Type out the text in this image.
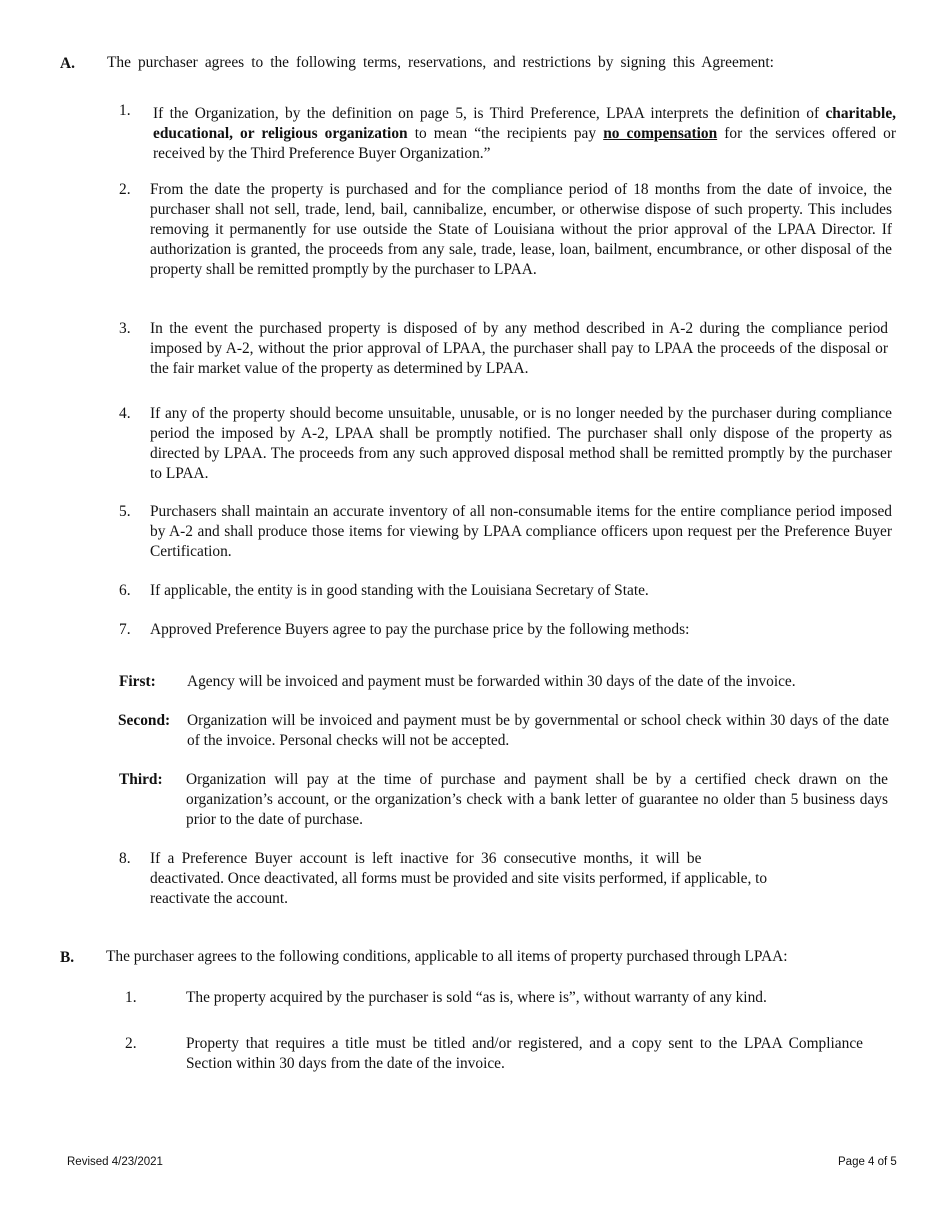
A. The purchaser agrees to the following terms, reservations, and restrictions by signing this Agreement:
1. If the Organization, by the definition on page 5, is Third Preference, LPAA interprets the definition of charitable, educational, or religious organization to mean “the recipients pay no compensation for the services offered or received by the Third Preference Buyer Organization.”
2. From the date the property is purchased and for the compliance period of 18 months from the date of invoice, the purchaser shall not sell, trade, lend, bail, cannibalize, encumber, or otherwise dispose of such property. This includes removing it permanently for use outside the State of Louisiana without the prior approval of the LPAA Director. If authorization is granted, the proceeds from any sale, trade, lease, loan, bailment, encumbrance, or other disposal of the property shall be remitted promptly by the purchaser to LPAA.
3. In the event the purchased property is disposed of by any method described in A-2 during the compliance period imposed by A-2, without the prior approval of LPAA, the purchaser shall pay to LPAA the proceeds of the disposal or the fair market value of the property as determined by LPAA.
4. If any of the property should become unsuitable, unusable, or is no longer needed by the purchaser during compliance period the imposed by A-2, LPAA shall be promptly notified. The purchaser shall only dispose of the property as directed by LPAA. The proceeds from any such approved disposal method shall be remitted promptly by the purchaser to LPAA.
5. Purchasers shall maintain an accurate inventory of all non-consumable items for the entire compliance period imposed by A-2 and shall produce those items for viewing by LPAA compliance officers upon request per the Preference Buyer Certification.
6. If applicable, the entity is in good standing with the Louisiana Secretary of State.
7. Approved Preference Buyers agree to pay the purchase price by the following methods:
First: Agency will be invoiced and payment must be forwarded within 30 days of the date of the invoice.
Second: Organization will be invoiced and payment must be by governmental or school check within 30 days of the date of the invoice. Personal checks will not be accepted.
Third: Organization will pay at the time of purchase and payment shall be by a certified check drawn on the organization’s account, or the organization’s check with a bank letter of guarantee no older than 5 business days prior to the date of purchase.
8. If a Preference Buyer account is left inactive for 36 consecutive months, it will be
deactivated. Once deactivated, all forms must be provided and site visits performed, if applicable, to
reactivate the account.
B. The purchaser agrees to the following conditions, applicable to all items of property purchased through LPAA:
1.	The property acquired by the purchaser is sold “as is, where is”, without warranty of any kind.
2.	Property that requires a title must be titled and/or registered, and a copy sent to the LPAA Compliance Section within 30 days from the date of the invoice.
Revised 4/23/2021	Page 4 of 5
